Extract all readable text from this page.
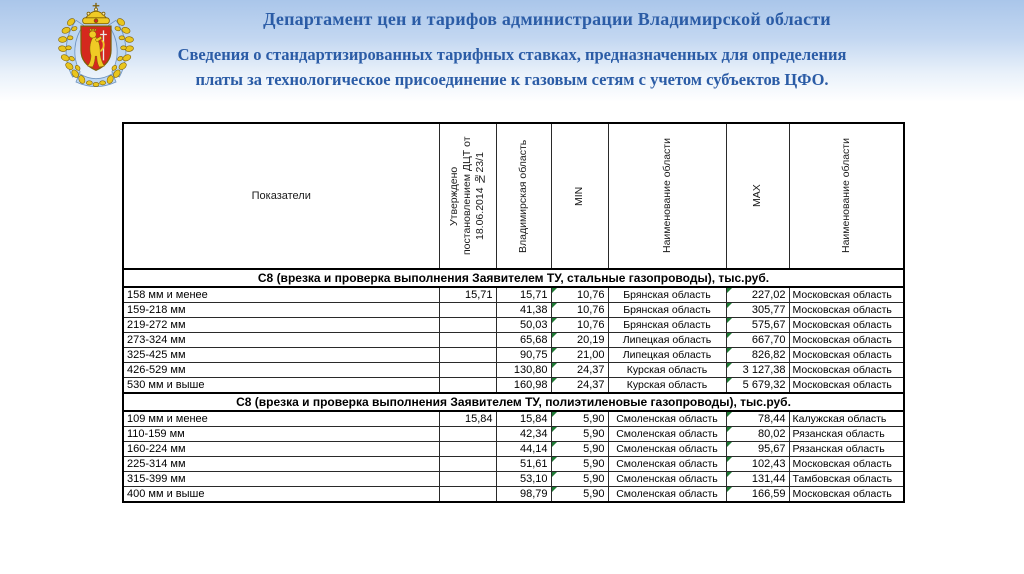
Департамент цен и тарифов администрации Владимирской области
Сведения о стандартизированных тарифных ставках, предназначенных для определения
платы за технологическое присоединение к газовым сетям с учетом субъектов ЦФО.
Показатели	Утверждено постановлением ДЦТ от 18.06.2014 №23/1	Владимирская область	MIN	Наименование области	MAX	Наименование области

С8 (врезка и проверка выполнения Заявителем ТУ, стальные газопроводы), тыс.руб.						
158 мм и менее	15,71	15,71	10,76	Брянская область	227,02	Московская область
159-218 мм		41,38	10,76	Брянская область	305,77	Московская область
219-272 мм		50,03	10,76	Брянская область	575,67	Московская область
273-324 мм		65,68	20,19	Липецкая область	667,70	Московская область
325-425 мм		90,75	21,00	Липецкая область	826,82	Московская область
426-529 мм		130,80	24,37	Курская область	3 127,38	Московская область
530 мм и выше		160,98	24,37	Курская область	5 679,32	Московская область
С8 (врезка и проверка выполнения Заявителем ТУ, полиэтиленовые газопроводы), тыс.руб.						
109 мм и менее	15,84	15,84	5,90	Смоленская область	78,44	Калужская область
110-159 мм		42,34	5,90	Смоленская область	80,02	Рязанская область
160-224 мм		44,14	5,90	Смоленская область	95,67	Рязанская область
225-314 мм		51,61	5,90	Смоленская область	102,43	Московская область
315-399 мм		53,10	5,90	Смоленская область	131,44	Тамбовская область
400 мм и выше		98,79	5,90	Смоленская область	166,59	Московская область
